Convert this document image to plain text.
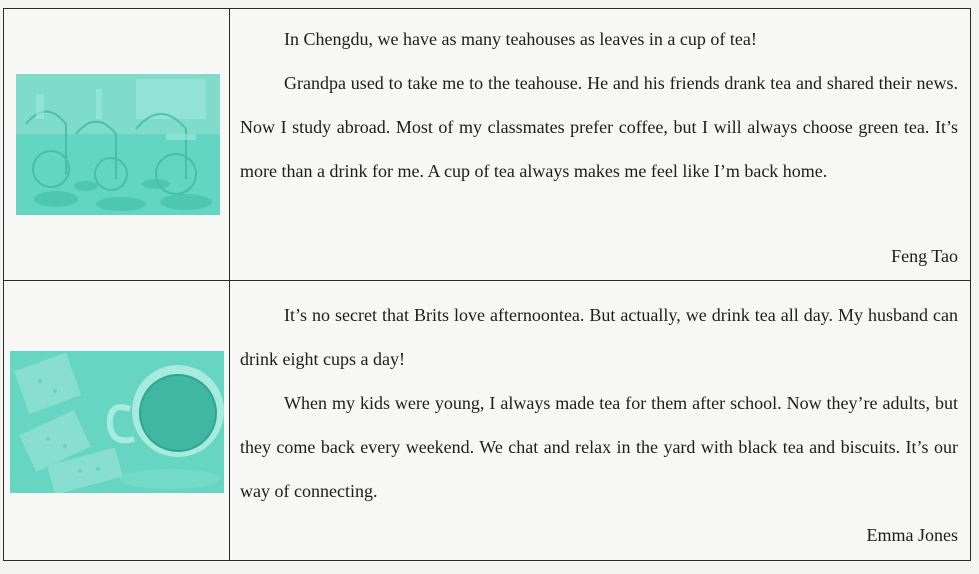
In Chengdu, we have as many teahouses as leaves in a cup of tea!

Grandpa used to take me to the teahouse. He and his friends drank tea and shared their news. Now I study abroad. Most of my classmates prefer coffee, but I will always choose green tea. It’s more than a drink for me. A cup of tea always makes me feel like I’m back home.

Feng Tao

It’s no secret that Brits love afternoontea. But actually, we drink tea all day. My husband can drink eight cups a day!

When my kids were young, I always made tea for them after school. Now they’re adults, but they come back every weekend. We chat and relax in the yard with black tea and biscuits. It’s our way of connecting.

Emma Jones
